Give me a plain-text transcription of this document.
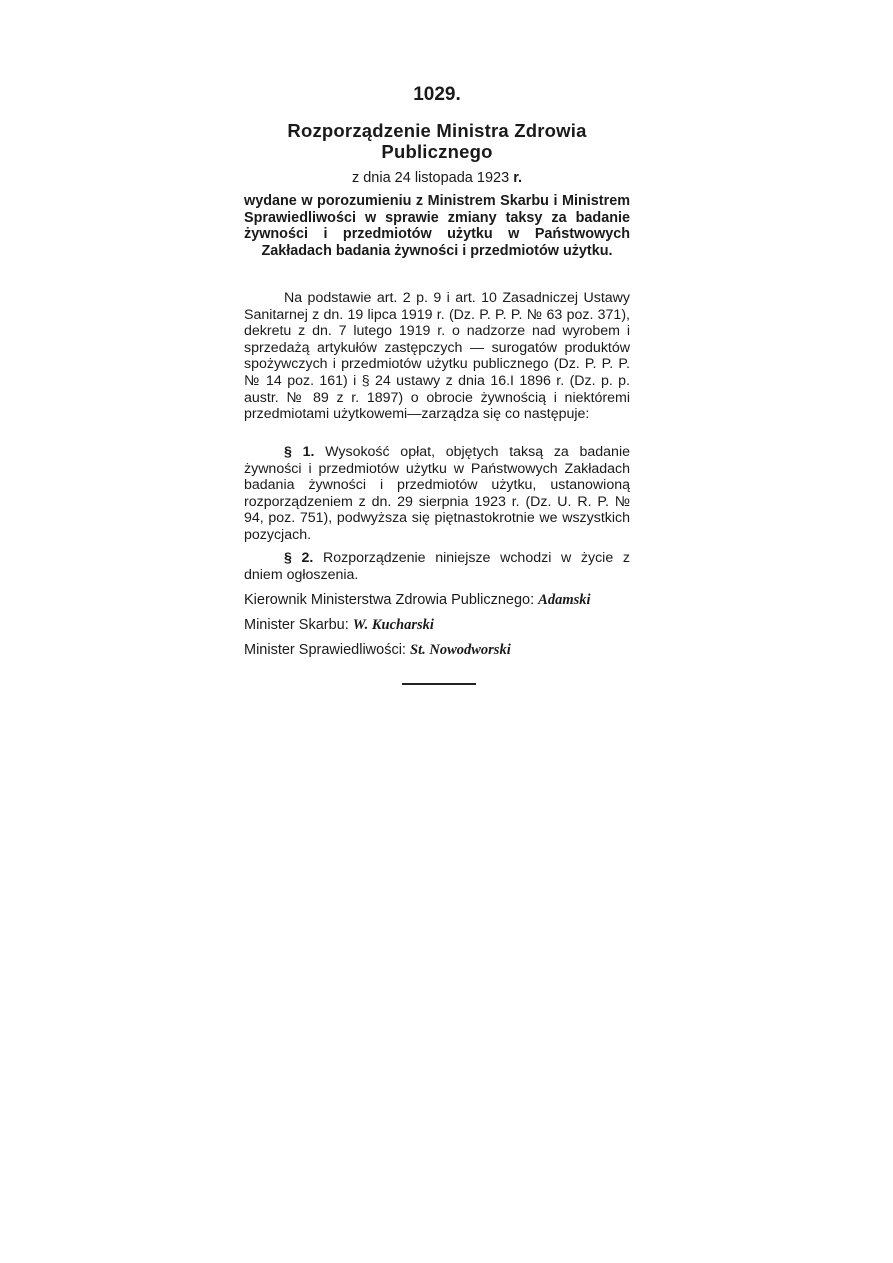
1029.
Rozporządzenie Ministra Zdrowia
Publicznego
z dnia 24 listopada 1923 r.
wydane w porozumieniu z Ministrem Skarbu i Ministrem Sprawiedliwości w sprawie zmiany taksy za badanie żywności i przedmiotów użytku w Państwowych Zakładach badania żywności i przedmiotów użytku.
Na podstawie art. 2 p. 9 i art. 10 Zasadniczej Ustawy Sanitarnej z dn. 19 lipca 1919 r. (Dz. P. P. P. № 63 poz. 371), dekretu z dn. 7 lutego 1919 r. o nadzorze nad wyrobem i sprzedażą artykułów zastępczych — surogatów produktów spożywczych i przedmiotów użytku publicznego (Dz. P. P. P. № 14 poz. 161) i § 24 ustawy z dnia 16.I 1896 r. (Dz. p. p. austr. № 89 z r. 1897) o obrocie żywnością i niektóremi przedmiotami użytkowemi—zarządza się co następuje:
§ 1. Wysokość opłat, objętych taksą za badanie żywności i przedmiotów użytku w Państwowych Zakładach badania żywności i przedmiotów użytku, ustanowioną rozporządzeniem z dn. 29 sierpnia 1923 r. (Dz. U. R. P. № 94, poz. 751), podwyższa się piętnastokrotnie we wszystkich pozycjach.
§ 2. Rozporządzenie niniejsze wchodzi w życie z dniem ogłoszenia.
Kierownik Ministerstwa Zdrowia Publicznego: Adamski
Minister Skarbu: W. Kucharski
Minister Sprawiedliwości: St. Nowodworski
